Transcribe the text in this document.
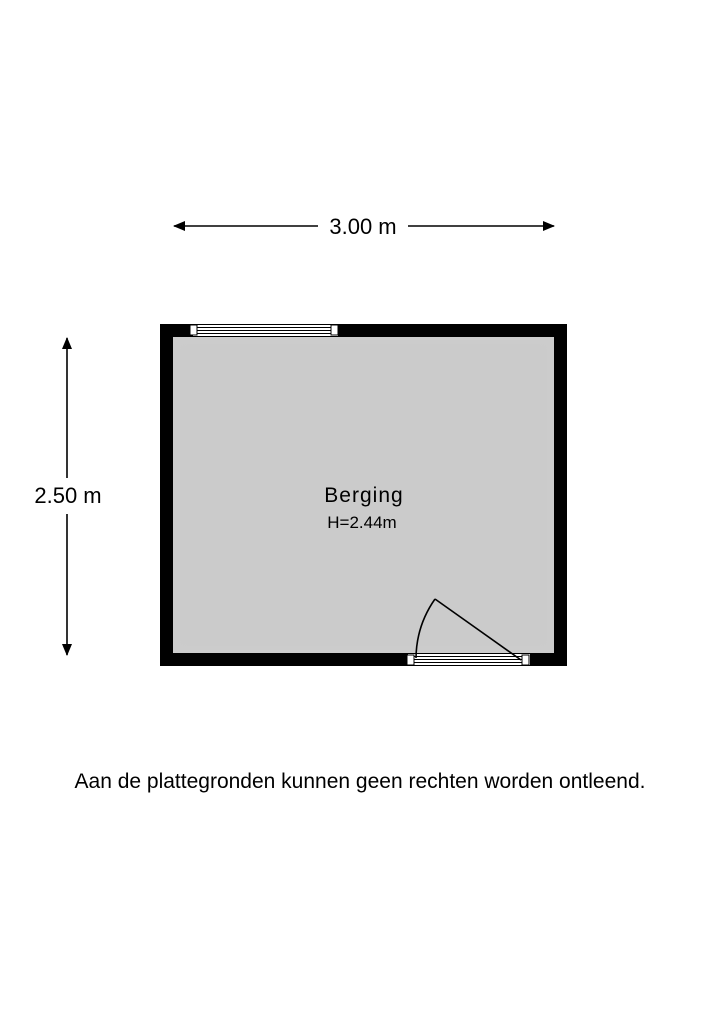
3.00 m
2.50 m	Berging
H=2.44m
Aan de plattegronden kunnen geen rechten worden ontleend.
